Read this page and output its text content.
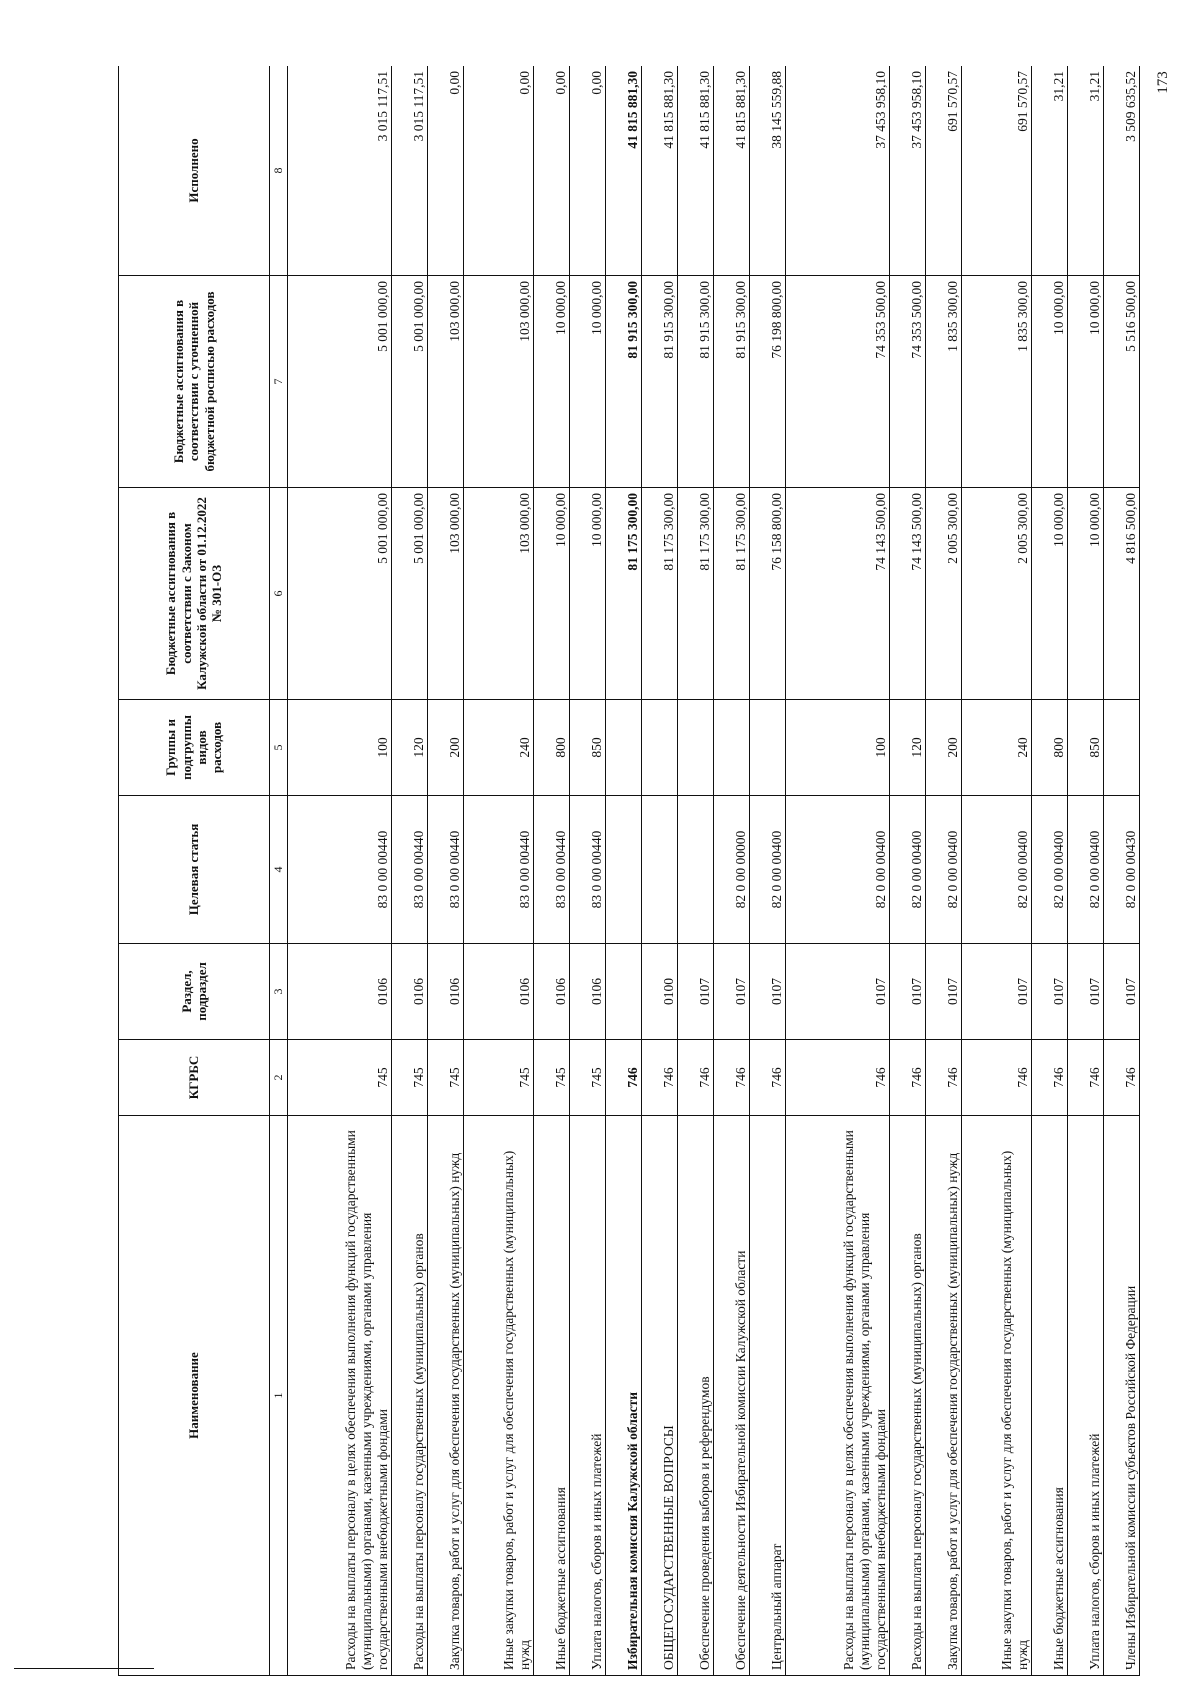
173
Наименование	КГРБС	Раздел, подраздел	Целевая статья	Группы и подгруппы видов расходов	Бюджетные ассигнования в соответствии с Законом Калужской области от 01.12.2022 № 301-ОЗ	Бюджетные ассигнования в соответствии с уточненной бюджетной росписью расходов	Исполнено
1	2	3	4	5	6	7	8
Расходы на выплаты персоналу в целях обеспечения выполнения функций государственными (муниципальными) органами, казенными учреждениями, органами управления государственными внебюджетными фондами	745	0106	83 0 00 00440	100	5 001 000,00	5 001 000,00	3 015 117,51
Расходы на выплаты персоналу государственных (муниципальных) органов	745	0106	83 0 00 00440	120	5 001 000,00	5 001 000,00	3 015 117,51
Закупка товаров, работ и услуг для обеспечения государственных (муниципальных) нужд	745	0106	83 0 00 00440	200	103 000,00	103 000,00	0,00
Иные закупки товаров, работ и услуг для обеспечения государственных (муниципальных) нужд	745	0106	83 0 00 00440	240	103 000,00	103 000,00	0,00
Иные бюджетные ассигнования	745	0106	83 0 00 00440	800	10 000,00	10 000,00	0,00
Уплата налогов, сборов и иных платежей	745	0106	83 0 00 00440	850	10 000,00	10 000,00	0,00
Избирательная комиссия Калужской области	746				81 175 300,00	81 915 300,00	41 815 881,30
ОБЩЕГОСУДАРСТВЕННЫЕ ВОПРОСЫ	746	0100			81 175 300,00	81 915 300,00	41 815 881,30
Обеспечение проведения выборов и референдумов	746	0107			81 175 300,00	81 915 300,00	41 815 881,30
Обеспечение деятельности Избирательной комиссии Калужской области	746	0107	82 0 00 00000		81 175 300,00	81 915 300,00	41 815 881,30
Центральный аппарат	746	0107	82 0 00 00400		76 158 800,00	76 198 800,00	38 145 559,88
Расходы на выплаты персоналу в целях обеспечения выполнения функций государственными (муниципальными) органами, казенными учреждениями, органами управления государственными внебюджетными фондами	746	0107	82 0 00 00400	100	74 143 500,00	74 353 500,00	37 453 958,10
Расходы на выплаты персоналу государственных (муниципальных) органов	746	0107	82 0 00 00400	120	74 143 500,00	74 353 500,00	37 453 958,10
Закупка товаров, работ и услуг для обеспечения государственных (муниципальных) нужд	746	0107	82 0 00 00400	200	2 005 300,00	1 835 300,00	691 570,57
Иные закупки товаров, работ и услуг для обеспечения государственных (муниципальных) нужд	746	0107	82 0 00 00400	240	2 005 300,00	1 835 300,00	691 570,57
Иные бюджетные ассигнования	746	0107	82 0 00 00400	800	10 000,00	10 000,00	31,21
Уплата налогов, сборов и иных платежей	746	0107	82 0 00 00400	850	10 000,00	10 000,00	31,21
Члены Избирательной комиссии субъектов Российской Федерации	746	0107	82 0 00 00430		4 816 500,00	5 516 500,00	3 509 635,52
